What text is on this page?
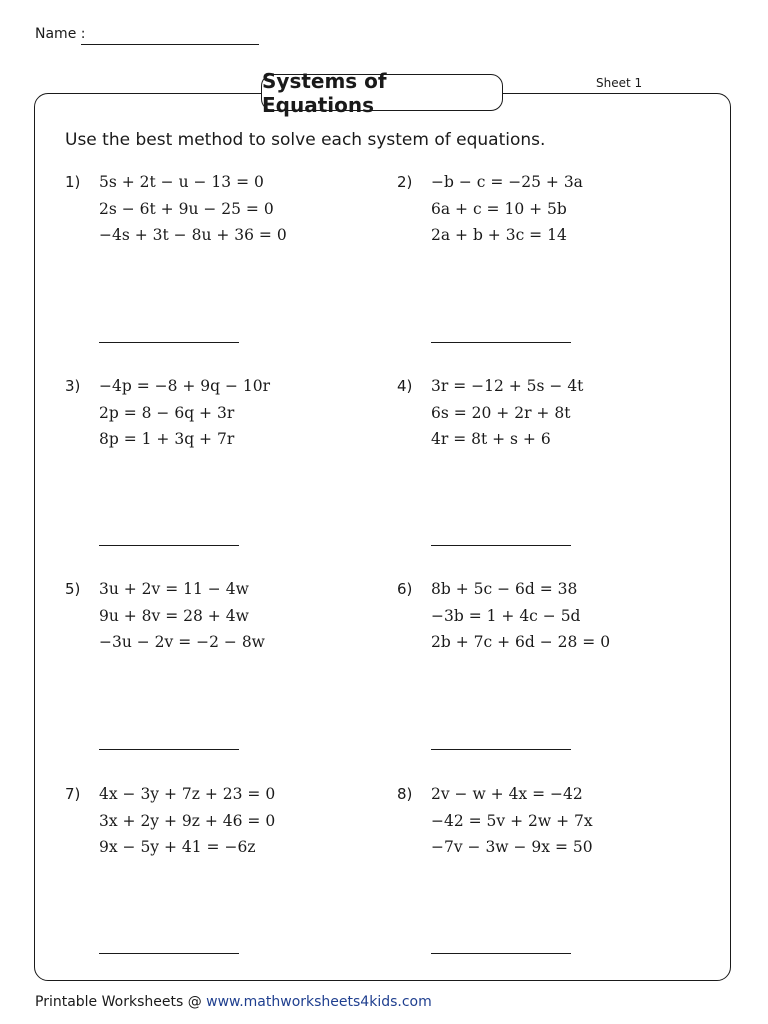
Name :
Systems of Equations
Sheet 1
Use the best method to solve each system of equations.
1) 5s + 2t − u − 13 = 0
2s − 6t + 9u − 25 = 0
−4s + 3t − 8u + 36 = 0
2) −b − c = −25 + 3a
6a + c = 10 + 5b
2a + b + 3c = 14
3) −4p = −8 + 9q − 10r
2p = 8 − 6q + 3r
8p = 1 + 3q + 7r
4) 3r = −12 + 5s − 4t
6s = 20 + 2r + 8t
4r = 8t + s + 6
5) 3u + 2v = 11 − 4w
9u + 8v = 28 + 4w
−3u − 2v = −2 − 8w
6) 8b + 5c − 6d = 38
−3b = 1 + 4c − 5d
2b + 7c + 6d − 28 = 0
7) 4x − 3y + 7z + 23 = 0
3x + 2y + 9z + 46 = 0
9x − 5y + 41 = −6z
8) 2v − w + 4x = −42
−42 = 5v + 2w + 7x
−7v − 3w − 9x = 50
Printable Worksheets @ www.mathworksheets4kids.com
